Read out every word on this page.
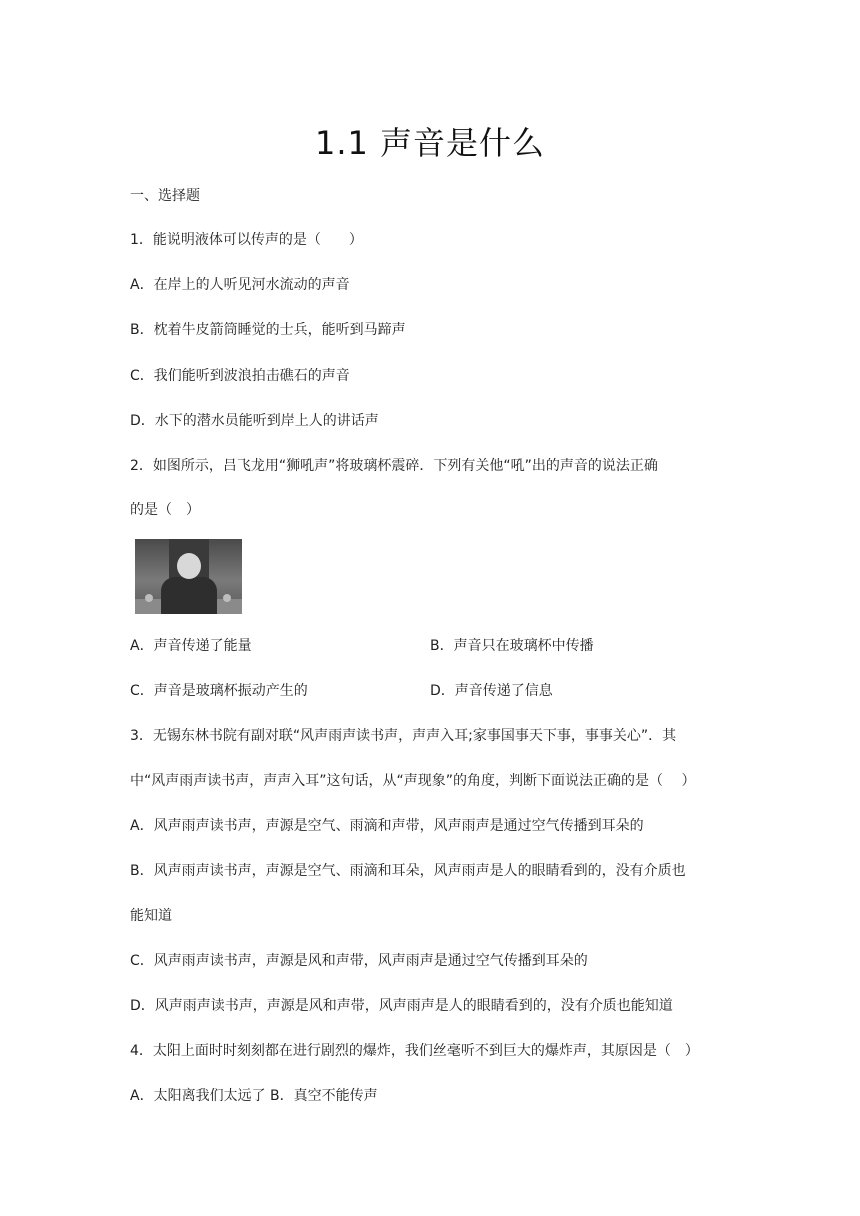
1.1 声音是什么
一、选择题
1．能说明液体可以传声的是（　　）
A．在岸上的人听见河水流动的声音
B．枕着牛皮箭筒睡觉的士兵，能听到马蹄声
C．我们能听到波浪拍击礁石的声音
D．水下的潜水员能听到岸上人的讲话声
2．如图所示，吕飞龙用“狮吼声”将玻璃杯震碎．下列有关他“吼”出的声音的说法正确
的是（　）
A．声音传递了能量	B．声音只在玻璃杯中传播
C．声音是玻璃杯振动产生的	D．声音传递了信息
3．无锡东林书院有副对联“风声雨声读书声，声声入耳;家事国事天下事，事事关心”．其
中“风声雨声读书声，声声入耳”这句话，从“声现象”的角度，判断下面说法正确的是（　 ）
A．风声雨声读书声，声源是空气、雨滴和声带，风声雨声是通过空气传播到耳朵的
B．风声雨声读书声，声源是空气、雨滴和耳朵，风声雨声是人的眼睛看到的，没有介质也
能知道
C．风声雨声读书声，声源是风和声带，风声雨声是通过空气传播到耳朵的
D．风声雨声读书声，声源是风和声带，风声雨声是人的眼睛看到的，没有介质也能知道
4．太阳上面时时刻刻都在进行剧烈的爆炸，我们丝毫听不到巨大的爆炸声，其原因是（　）
A．太阳离我们太远了 B．真空不能传声
